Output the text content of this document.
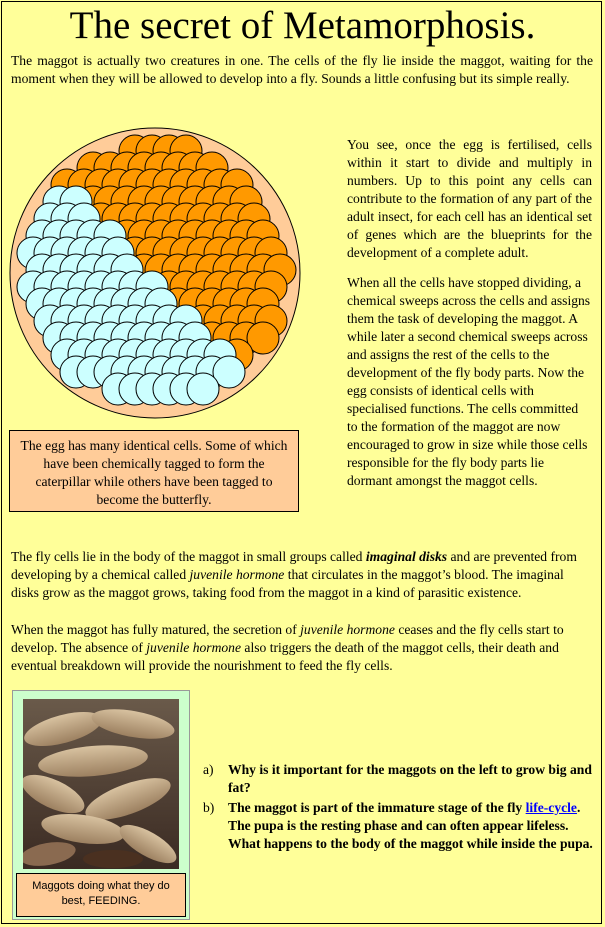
The secret of Metamorphosis.

The maggot is actually two creatures in one. The cells of the fly lie inside the maggot, waiting for the moment when they will be allowed to develop into a fly. Sounds a little confusing but its simple really.

The egg has many identical cells. Some of which have been chemically tagged to form the caterpillar while others have been tagged to become the butterfly.

You see, once the egg is fertilised, cells within it start to divide and multiply in numbers. Up to this point any cells can contribute to the formation of any part of the adult insect, for each cell has an identical set of genes which are the blueprints for the development of a complete adult.

When all the cells have stopped dividing, a chemical sweeps across the cells and assigns them the task of developing the maggot. A while later a second chemical sweeps across and assigns the rest of the cells to the development of the fly body parts. Now the egg consists of identical cells with specialised functions. The cells committed to the formation of the maggot are now encouraged to grow in size while those cells responsible for the fly body parts lie dormant amongst the maggot cells.

The fly cells lie in the body of the maggot in small groups called imaginal disks and are prevented from developing by a chemical called juvenile hormone that circulates in the maggot’s blood. The imaginal disks grow as the maggot grows, taking food from the maggot in a kind of parasitic existence.

When the maggot has fully matured, the secretion of juvenile hormone ceases and the fly cells start to develop. The absence of juvenile hormone also triggers the death of the maggot cells, their death and eventual breakdown will provide the nourishment to feed the fly cells.

Maggots doing what they do best, FEEDING.
a) Why is it important for the maggots on the left to grow big and fat?
b) The maggot is part of the immature stage of the fly life-cycle. The pupa is the resting phase and can often appear lifeless. What happens to the body of the maggot while inside the pupa.
